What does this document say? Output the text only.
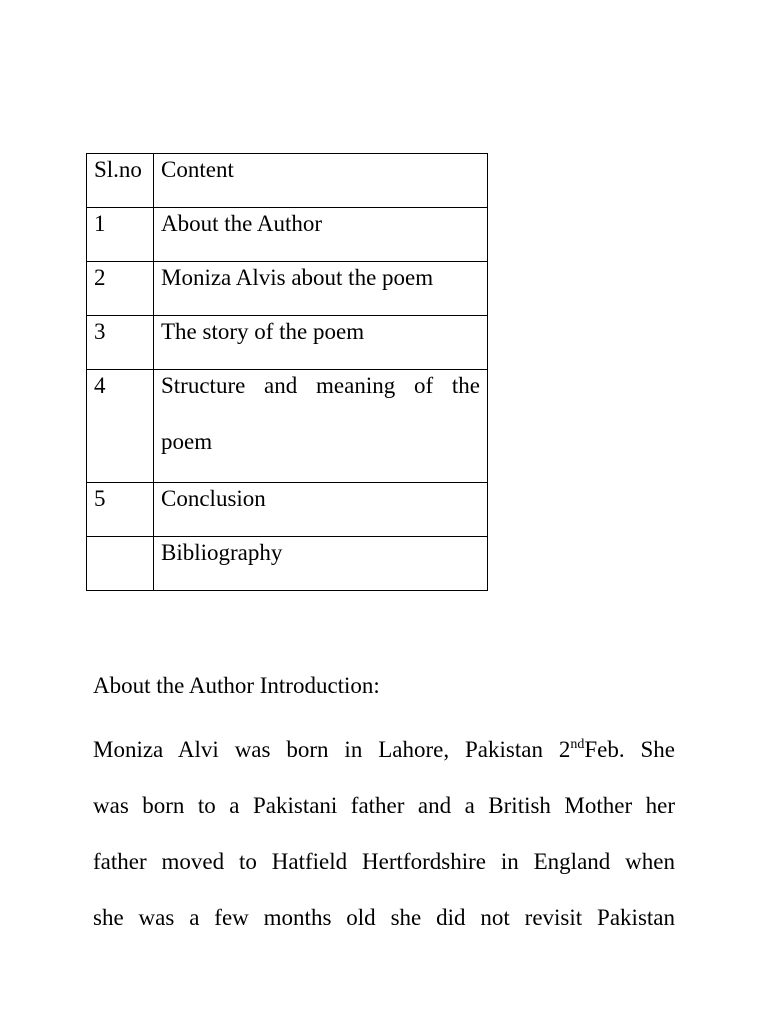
Sl.no	Content
1	About the Author
2	Moniza Alvis about the poem
3	The story of the poem
4	Structure and meaning of the
poem

5	Conclusion
	Bibliography
About the Author Introduction:
Moniza Alvi was born in Lahore, Pakistan 2ndFeb. She
was born to a Pakistani father and a British Mother her
father moved to Hatfield Hertfordshire in England when
she was a few months old she did not revisit Pakistan
